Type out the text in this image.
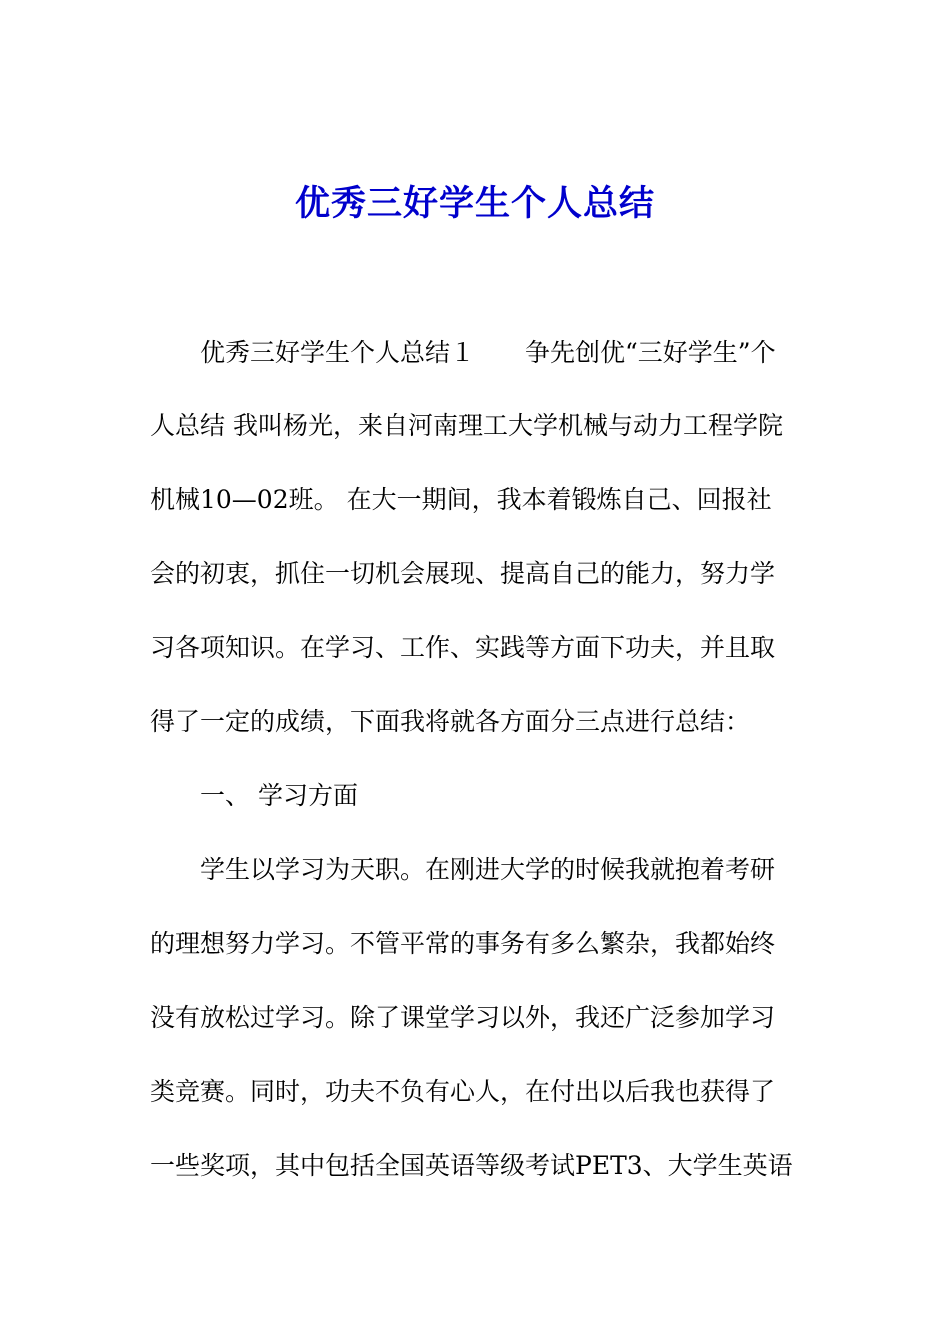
优秀三好学生个人总结
　　优秀三好学生个人总结１　　争先创优“三好学生”个
人总结 我叫杨光，来自河南理工大学机械与动力工程学院
机械10—02班。 在大一期间，我本着锻炼自己、回报社
会的初衷，抓住一切机会展现、提高自己的能力，努力学
习各项知识。在学习、工作、实践等方面下功夫，并且取
得了一定的成绩，下面我将就各方面分三点进行总结：
　　一、 学习方面
　　学生以学习为天职。在刚进大学的时候我就抱着考研
的理想努力学习。不管平常的事务有多么繁杂，我都始终
没有放松过学习。除了课堂学习以外，我还广泛参加学习
类竞赛。同时，功夫不负有心人，在付出以后我也获得了
一些奖项，其中包括全国英语等级考试PET3、大学生英语
